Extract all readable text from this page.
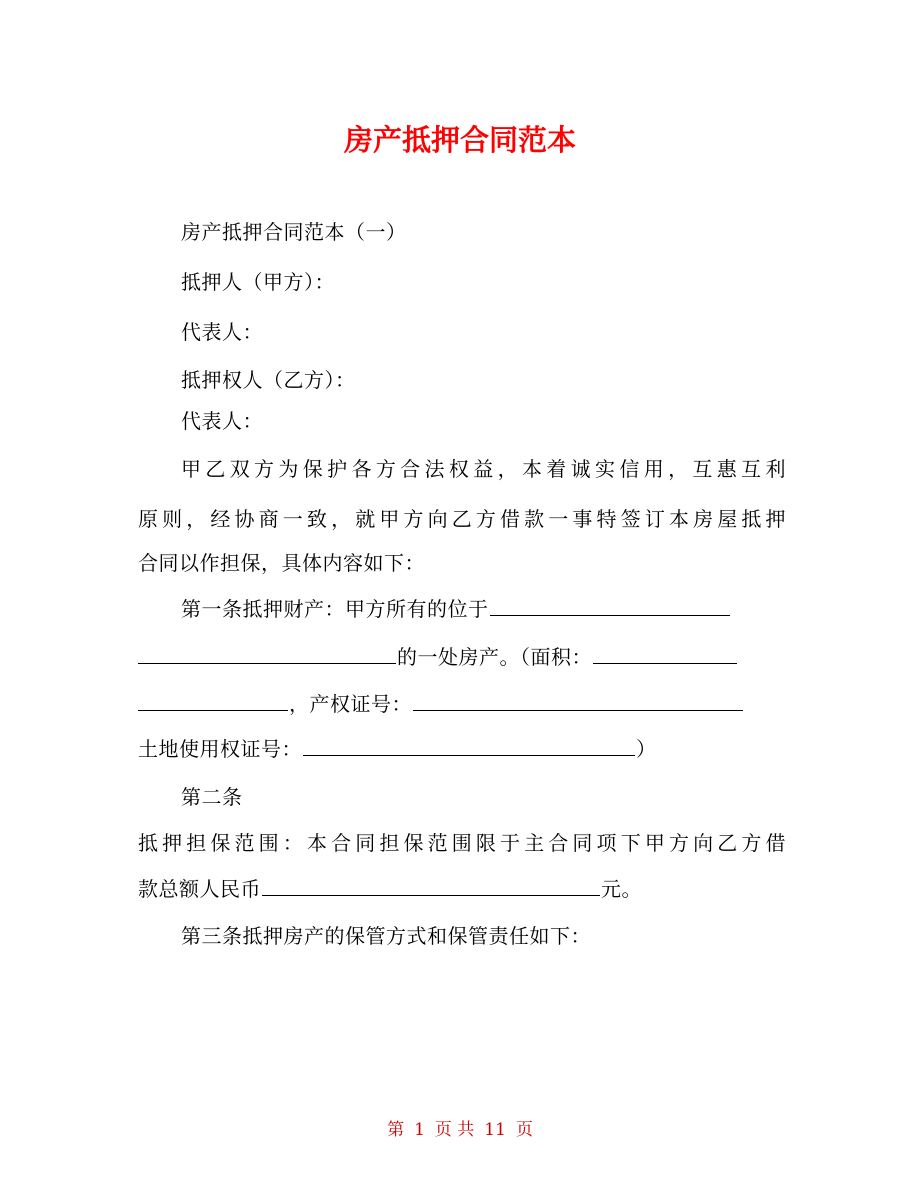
房产抵押合同范本
房产抵押合同范本（一）
抵押人（甲方）：
代表人：
抵押权人（乙方）：
代表人：
甲乙双方为保护各方合法权益，本着诚实信用，互惠互利
原则，经协商一致，就甲方向乙方借款一事特签订本房屋抵押
合同以作担保，具体内容如下：
第一条抵押财产：甲方所有的位于
的一处房产。（面积：
，产权证号：
土地使用权证号：	）
第二条
抵押担保范围：本合同担保范围限于主合同项下甲方向乙方借
款总额人民币	元。
第三条抵押房产的保管方式和保管责任如下：
第 1 页 共 11 页
